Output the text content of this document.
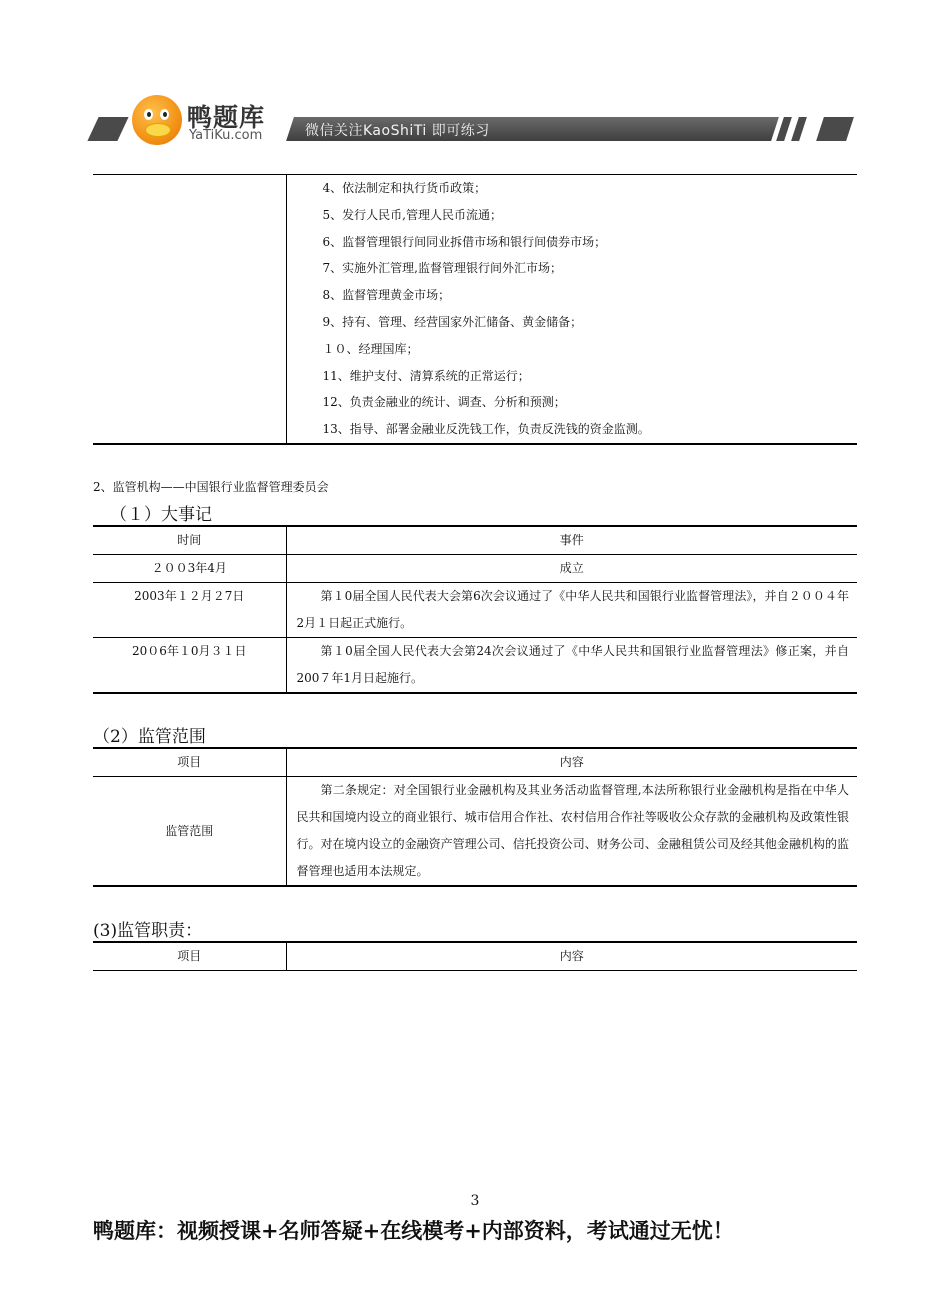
鸭题库
YaTiKu.com	微信关注KaoShiTi 即可练习

4、依法制定和执行货币政策；
5、发行人民币,管理人民币流通；
6、监督管理银行间同业拆借市场和银行间债券市场；
7、实施外汇管理,监督管理银行间外汇市场；
8、监督管理黄金市场；
9、持有、管理、经营国家外汇储备、黄金储备；
１０、经理国库；
11、维护支付、清算系统的正常运行；
12、负责金融业的统计、调查、分析和预测；
13、指导、部署金融业反洗钱工作，负责反洗钱的资金监测。
2、监管机构——中国银行业监督管理委员会
（１）大事记
时间	事件
２００3年4月	成立
2003年１２月２7日	第１0届全国人民代表大会第6次会议通过了《中华人民共和国银行业监督管理法》，并自２００４年2月１日起正式施行。
20０6年１0月３１日	第１0届全国人民代表大会第24次会议通过了《中华人民共和国银行业监督管理法》修正案，并自200７年1月日起施行。
（2）监管范围
项目	内容
监管范围	第二条规定：对全国银行业金融机构及其业务活动监督管理,本法所称银行业金融机构是指在中华人民共和国境内设立的商业银行、城市信用合作社、农村信用合作社等吸收公众存款的金融机构及政策性银行。对在境内设立的金融资产管理公司、信托投资公司、财务公司、金融租赁公司及经其他金融机构的监督管理也适用本法规定。
(3)监管职责：
项目	内容
3
鸭题库：视频授课+名师答疑+在线模考+内部资料，考试通过无忧！
